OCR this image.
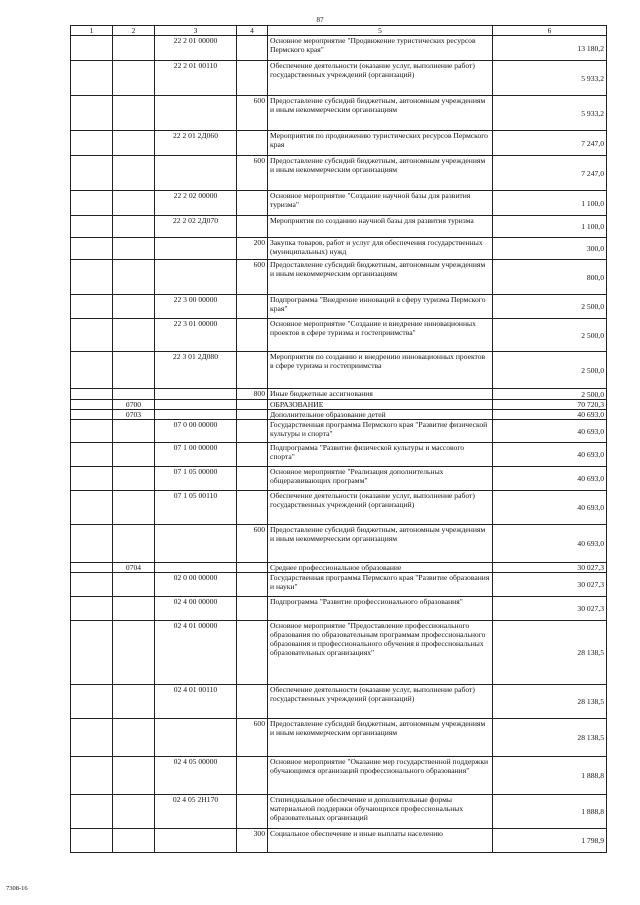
87
1	2	3	4	5	6
		22 2 01 00000		Основное мероприятие "Продвижение туристических ресурсов Пермского края"	13 180,2
		22 2 01 00110		Обеспечение деятельности (оказание услуг, выполнение работ) государственных учреждений (организаций)	5 933,2
			600	Предоставление субсидий бюджетным, автономным учреждениям и иным некоммерческим организациям	5 933,2
		22 2 01 2Д060		Мероприятия по продвижению туристических ресурсов Пермского края	7 247,0
			600	Предоставление субсидий бюджетным, автономным учреждениям и иным некоммерческим организациям	7 247,0
		22 2 02 00000		Основное мероприятие "Создание научной базы для развития туризма"	1 100,0
		22 2 02 2Д070		Мероприятия по созданию научной базы для развития туризма	1 100,0
			200	Закупка товаров, работ и услуг для обеспечения государственных (муниципальных) нужд	300,0
			600	Предоставление субсидий бюджетным, автономным учреждениям и иным некоммерческим организациям	800,0
		22 3 00 00000		Подпрограмма "Внедрение инноваций в сферу туризма Пермского края"	2 500,0
		22 3 01 00000		Основное мероприятие "Создание и внедрение инновационных проектов в сфере туризма и гостеприимства"	2 500,0
		22 3 01 2Д080		Мероприятия по созданию и внедрению инновационных проектов в сфере туризма и гостеприимства	2 500,0
			800	Иные бюджетные ассигнования	2 500,0
	0700			ОБРАЗОВАНИЕ	70 720,3
	0703			Дополнительное образование детей	40 693,0
		07 0 00 00000		Государственная программа Пермского края "Развитие физической культуры и спорта"	40 693,0
		07 1 00 00000		Подпрограмма "Развитие физической культуры и массового спорта"	40 693,0
		07 1 05 00000		Основное мероприятие "Реализация дополнительных общеразвивающих программ"	40 693,0
		07 1 05 00110		Обеспечение деятельности (оказание услуг, выполнение работ) государственных учреждений (организаций)	40 693,0
			600	Предоставление субсидий бюджетным, автономным учреждениям и иным некоммерческим организациям	40 693,0
	0704			Среднее профессиональное образование	30 027,3
		02 0 00 00000		Государственная программа Пермского края "Развитие образования и науки"	30 027,3
		02 4 00 00000		Подпрограмма "Развитие профессионального образования"	30 027,3
		02 4 01 00000		Основное мероприятие "Предоставление профессионального образования по образовательным программам профессионального образования и профессионального обучения в профессиональных образовательных организациях"	28 138,5
		02 4 01 00110		Обеспечение деятельности (оказание услуг, выполнение работ) государственных учреждений (организаций)	28 138,5
			600	Предоставление субсидий бюджетным, автономным учреждениям и иным некоммерческим организациям	28 138,5
		02 4 05 00000		Основное мероприятие "Оказание мер государственной поддержки обучающимся организаций профессионального образования"	1 888,8
		02 4 05 2Н170		Стипендиальное обеспечение и дополнительные формы материальной поддержки обучающихся профессиональных образовательных организаций	1 888,8
			300	Социальное обеспечение и иные выплаты населению	1 798,9
7308-16
